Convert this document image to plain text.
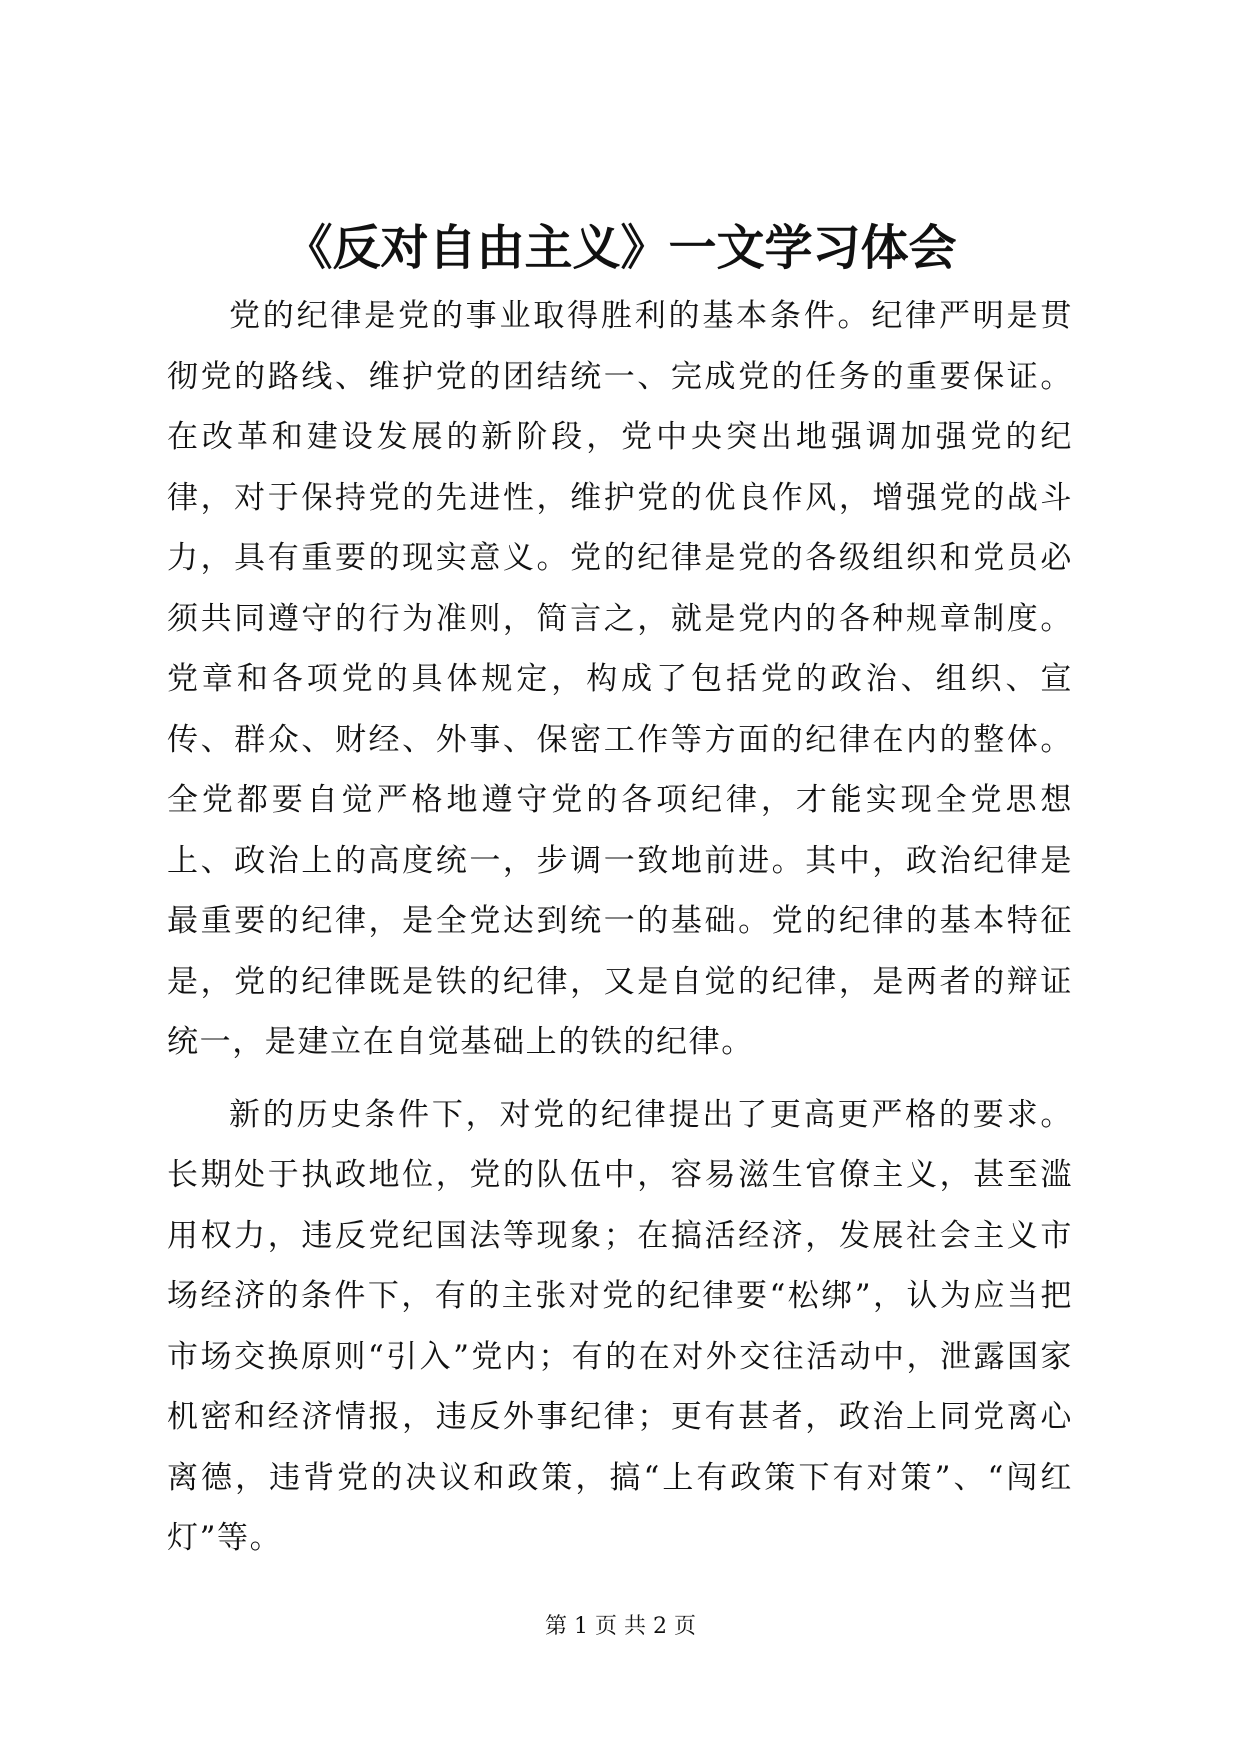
《反对自由主义》一文学习体会

党的纪律是党的事业取得胜利的基本条件。纪律严明是贯彻党的路线、维护党的团结统一、完成党的任务的重要保证。在改革和建设发展的新阶段，党中央突出地强调加强党的纪律，对于保持党的先进性，维护党的优良作风，增强党的战斗力，具有重要的现实意义。党的纪律是党的各级组织和党员必须共同遵守的行为准则，简言之，就是党内的各种规章制度。党章和各项党的具体规定，构成了包括党的政治、组织、宣传、群众、财经、外事、保密工作等方面的纪律在内的整体。全党都要自觉严格地遵守党的各项纪律，才能实现全党思想上、政治上的高度统一，步调一致地前进。其中，政治纪律是最重要的纪律，是全党达到统一的基础。党的纪律的基本特征是，党的纪律既是铁的纪律，又是自觉的纪律，是两者的辩证统一，是建立在自觉基础上的铁的纪律。

新的历史条件下，对党的纪律提出了更高更严格的要求。长期处于执政地位，党的队伍中，容易滋生官僚主义，甚至滥用权力，违反党纪国法等现象；在搞活经济，发展社会主义市场经济的条件下，有的主张对党的纪律要“松绑”，认为应当把市场交换原则“引入”党内；有的在对外交往活动中，泄露国家机密和经济情报，违反外事纪律；更有甚者，政治上同党离心离德，违背党的决议和政策，搞“上有政策下有对策”、“闯红灯”等。

第 1 页 共 2 页
